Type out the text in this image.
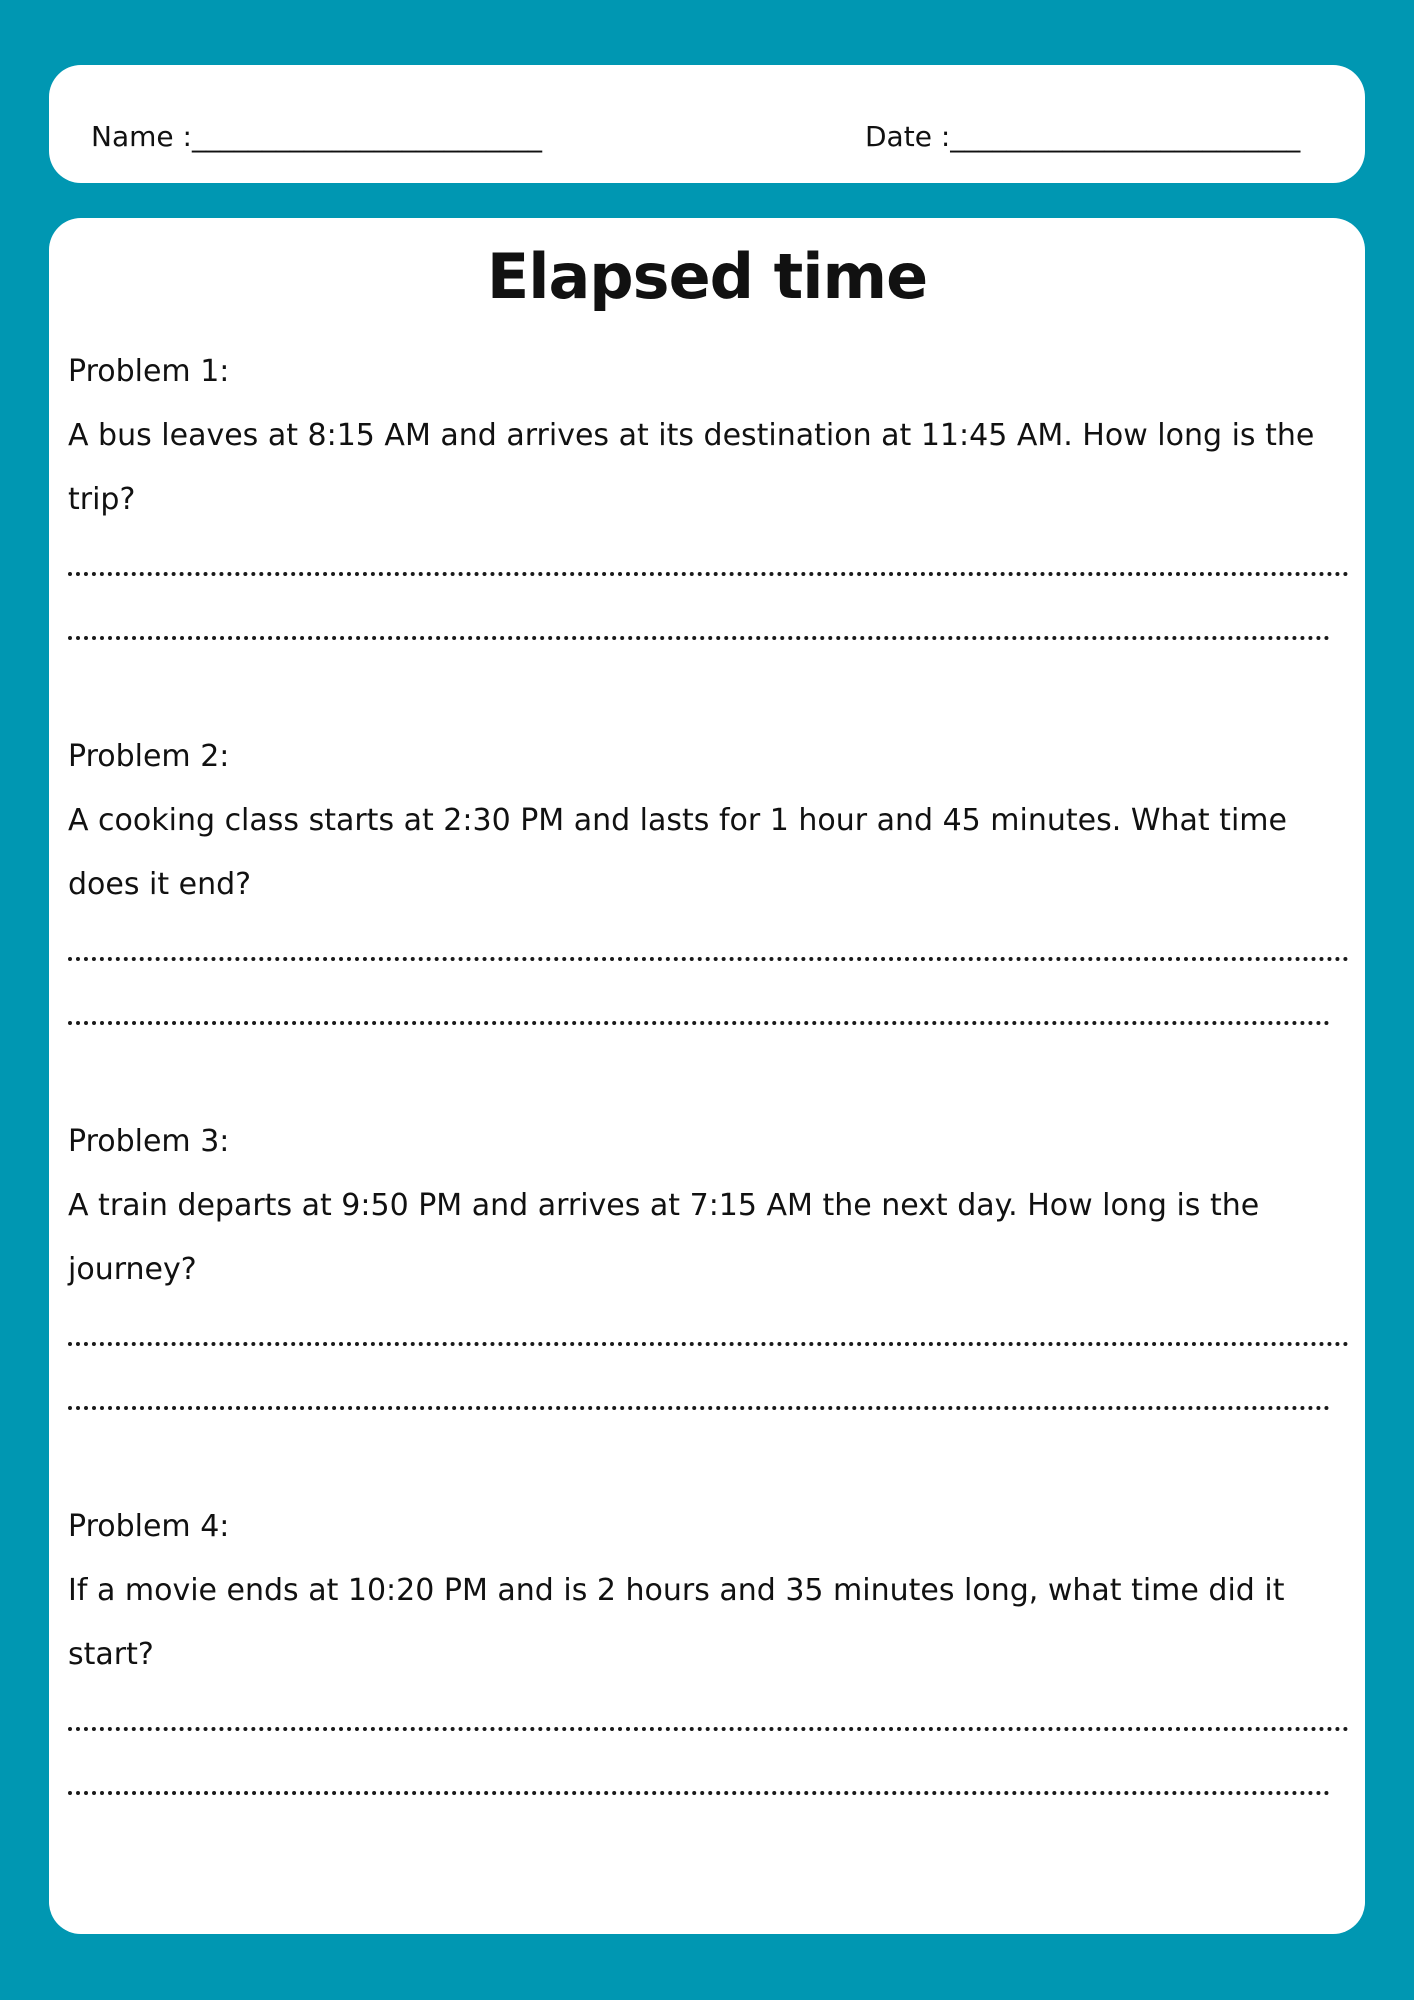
Name :_________________________	Date :_________________________
Elapsed time
Problem 1:

A bus leaves at 8:15 AM and arrives at its destination at 11:45 AM. How long is the trip?

Problem 2:

A cooking class starts at 2:30 PM and lasts for 1 hour and 45 minutes. What time does it end?

Problem 3:

A train departs at 9:50 PM and arrives at 7:15 AM the next day. How long is the journey?

Problem 4:

If a movie ends at 10:20 PM and is 2 hours and 35 minutes long, what time did it start?
